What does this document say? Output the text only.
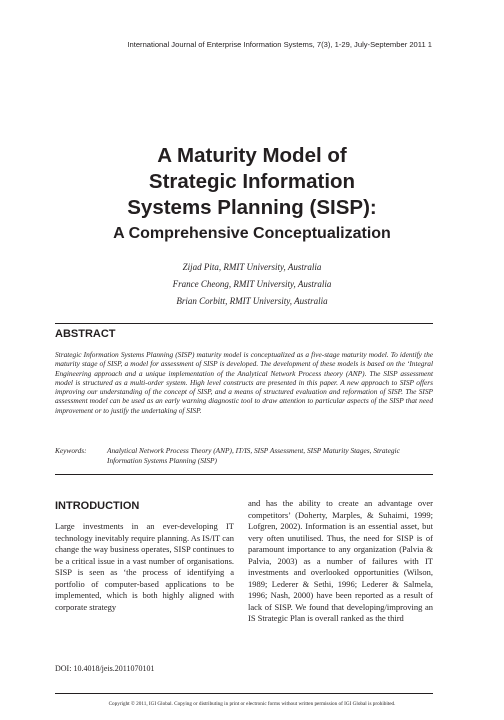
International Journal of Enterprise Information Systems, 7(3), 1-29, July-September 2011 1
A Maturity Model of
Strategic Information
Systems Planning (SISP):
A Comprehensive Conceptualization
Zijad Pita, RMIT University, Australia
France Cheong, RMIT University, Australia
Brian Corbitt, RMIT University, Australia
ABSTRACT
Strategic Information Systems Planning (SISP) maturity model is conceptualized as a five-stage maturity model. To identify the maturity stage of SISP, a model for assessment of SISP is developed. The development of these models is based on the ‘Integral Engineering approach and a unique implementation of the Analytical Network Process theory (ANP). The SISP assessment model is structured as a multi-order system. High level constructs are presented in this paper. A new approach to SISP offers improving our understanding of the concept of SISP, and a means of structured evaluation and reformation of SISP. The SISP assessment model can be used as an early warning diagnostic tool to draw attention to particular aspects of the SISP that need improvement or to justify the undertaking of SISP.
Keywords:	Analytical Network Process Theory (ANP), IT/IS, SISP Assessment, SISP Maturity Stages, Strategic Information Systems Planning (SISP)
INTRODUCTION
Large investments in an ever-developing IT technology inevitably require planning. As IS/IT can change the way business operates, SISP continues to be a critical issue in a vast number of organisations. SISP is seen as ‘the process of identifying a portfolio of computer-based applications to be implemented, which is both highly aligned with corporate strategy
and has the ability to create an advantage over competitors’ (Doherty, Marples, & Suhaimi, 1999; Lofgren, 2002). Information is an essential asset, but very often unutilised. Thus, the need for SISP is of paramount importance to any organization (Palvia & Palvia, 2003) as a number of failures with IT investments and overlooked opportunities (Wilson, 1989; Lederer & Sethi, 1996; Lederer & Salmela, 1996; Nash, 2000) have been reported as a result of lack of SISP. We found that developing/improving an IS Strategic Plan is overall ranked as the third
DOI: 10.4018/jeis.2011070101
Copyright © 2011, IGI Global. Copying or distributing in print or electronic forms without written permission of IGI Global is prohibited.
